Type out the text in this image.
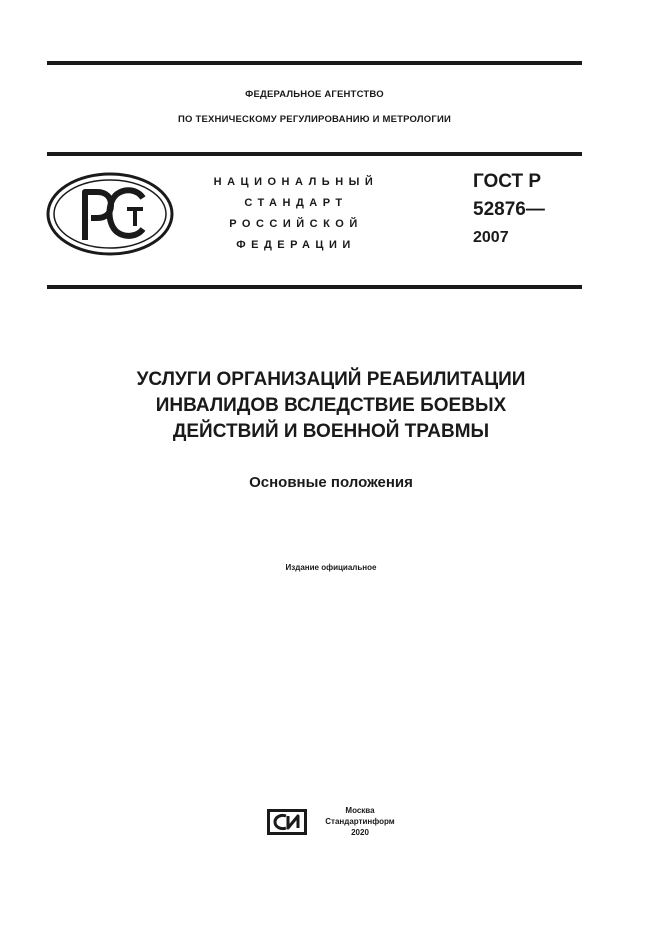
ФЕДЕРАЛЬНОЕ АГЕНТСТВО
ПО ТЕХНИЧЕСКОМУ РЕГУЛИРОВАНИЮ И МЕТРОЛОГИИ
НАЦИОНАЛЬНЫЙ
СТАНДАРТ
РОССИЙСКОЙ
ФЕДЕРАЦИИ
ГОСТ Р
52876—
2007
УСЛУГИ ОРГАНИЗАЦИЙ РЕАБИЛИТАЦИИ
ИНВАЛИДОВ ВСЛЕДСТВИЕ БОЕВЫХ
ДЕЙСТВИЙ И ВОЕННОЙ ТРАВМЫ
Основные положения
Издание официальное
Москва
Стандартинформ
2020
